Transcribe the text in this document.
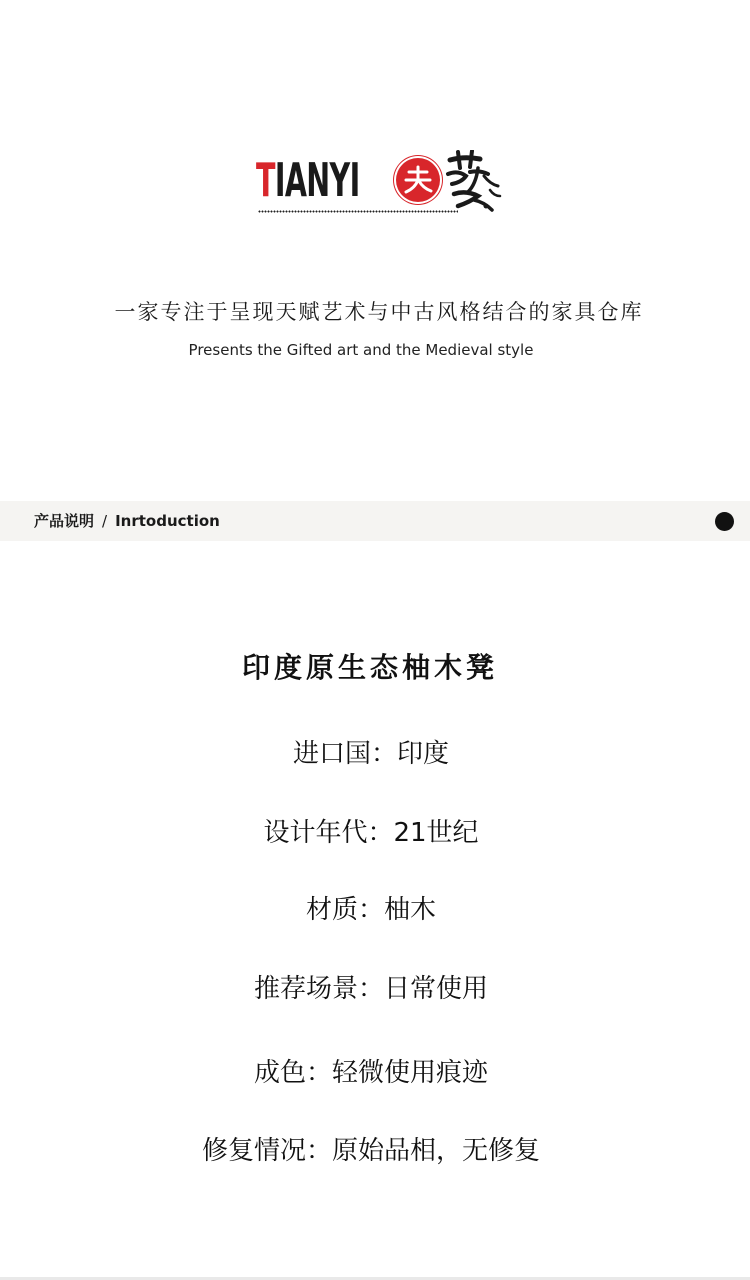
TIANYI
一家专注于呈现天赋艺术与中古风格结合的家具仓库
Presents the Gifted art and the Medieval style
产品说明 / Inrtoduction
印度原生态柚木凳
进口国：印度
设计年代：21世纪
材质：柚木
推荐场景：日常使用
成色：轻微使用痕迹
修复情况：原始品相，无修复
